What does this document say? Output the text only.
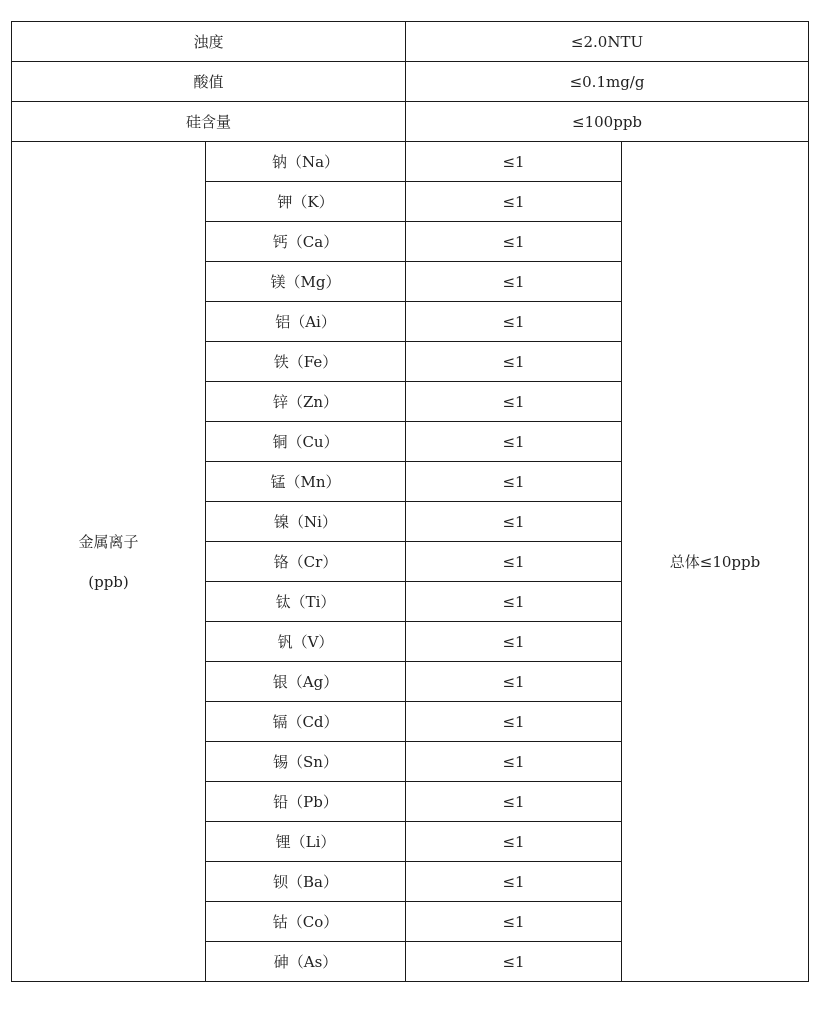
浊度		≤2.0NTU	
酸值		≤0.1mg/g	
硅含量		≤100ppb	

金属离子
(ppb)	钠（Na）	≤1	总体≤10ppb
	钾（K）	≤1	
	钙（Ca）	≤1	
	镁（Mg）	≤1	
	铝（Ai）	≤1	
	铁（Fe）	≤1	
	锌（Zn）	≤1	
	铜（Cu）	≤1	
	锰（Mn）	≤1	
	镍（Ni）	≤1	
	铬（Cr）	≤1	
	钛（Ti）	≤1	
	钒（V）	≤1	
	银（Ag）	≤1	
	镉（Cd）	≤1	
	锡（Sn）	≤1	
	铅（Pb）	≤1	
	锂（Li）	≤1	
	钡（Ba）	≤1	
	钴（Co）	≤1	
	砷（As）	≤1	
